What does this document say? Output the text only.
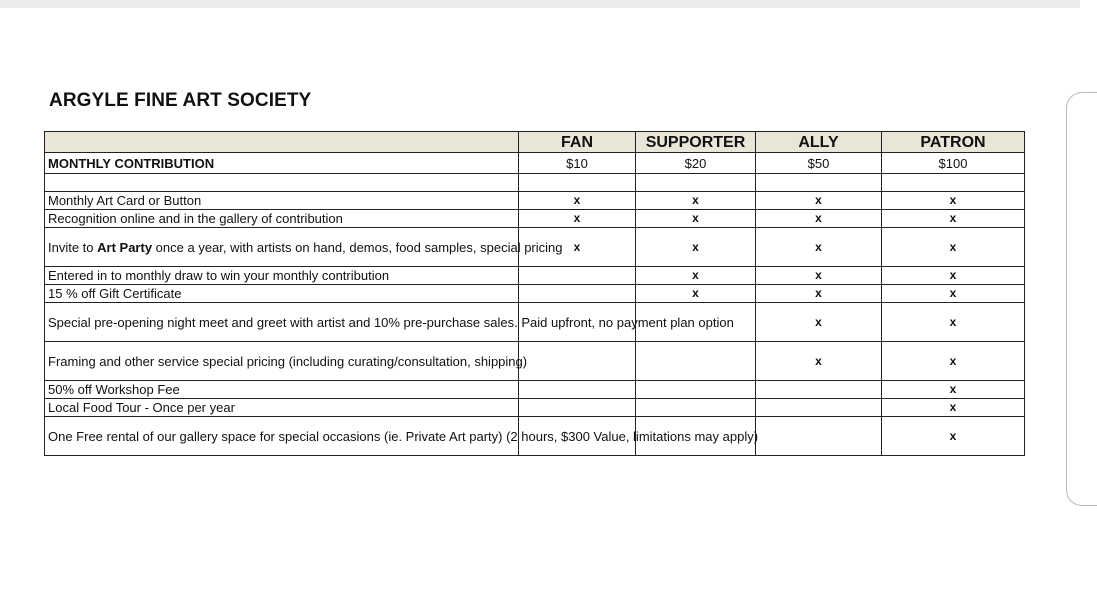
ARGYLE FINE ART SOCIETY
	FAN	SUPPORTER	ALLY	PATRON
MONTHLY CONTRIBUTION	$10	$20	$50	$100

Monthly Art Card or Button	x	x	x	x
Recognition online and in the gallery of contribution	x	x	x	x
Invite to Art Party once a year, with artists on hand, demos, food samples, special pricing	x	x	x	x
Entered in to monthly draw to win your monthly contribution		x	x	x
15 % off Gift Certificate		x	x	x
Special pre-opening night meet and greet with artist and 10% pre-purchase sales. Paid upfront, no payment plan option			x	x
Framing and other service special pricing (including curating/consultation, shipping)			x	x
50% off Workshop Fee				x
Local Food Tour - Once per year				x
One Free rental of our gallery space for special occasions (ie. Private Art party) (2 hours, $300 Value, limitations may apply)				x
